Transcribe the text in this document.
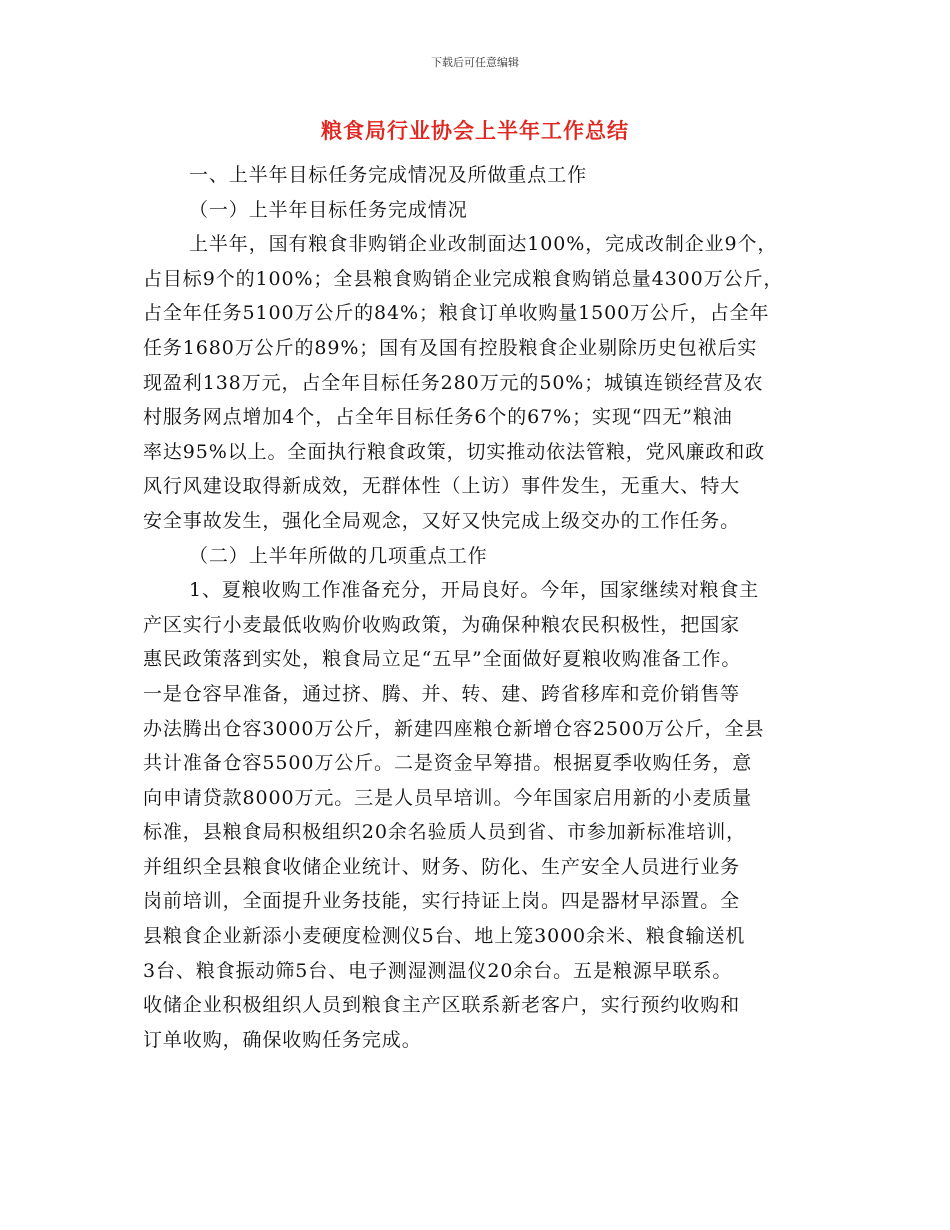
下载后可任意编辑
粮食局行业协会上半年工作总结
一、上半年目标任务完成情况及所做重点工作
（一）上半年目标任务完成情况
上半年，国有粮食非购销企业改制面达100%，完成改制企业9个，
占目标9个的100%；全县粮食购销企业完成粮食购销总量4300万公斤，
占全年任务5100万公斤的84%；粮食订单收购量1500万公斤，占全年
任务1680万公斤的89%；国有及国有控股粮食企业剔除历史包袱后实
现盈利138万元，占全年目标任务280万元的50%；城镇连锁经营及农
村服务网点增加4个，占全年目标任务6个的67%；实现“四无”粮油
率达95%以上。全面执行粮食政策，切实推动依法管粮，党风廉政和政
风行风建设取得新成效，无群体性（上访）事件发生，无重大、特大
安全事故发生，强化全局观念，又好又快完成上级交办的工作任务。
（二）上半年所做的几项重点工作
1、夏粮收购工作准备充分，开局良好。今年，国家继续对粮食主
产区实行小麦最低收购价收购政策，为确保种粮农民积极性，把国家
惠民政策落到实处，粮食局立足“五早”全面做好夏粮收购准备工作。
一是仓容早准备，通过挤、腾、并、转、建、跨省移库和竞价销售等
办法腾出仓容3000万公斤，新建四座粮仓新增仓容2500万公斤，全县
共计准备仓容5500万公斤。二是资金早筹措。根据夏季收购任务，意
向申请贷款8000万元。三是人员早培训。今年国家启用新的小麦质量
标准，县粮食局积极组织20余名验质人员到省、市参加新标准培训，
并组织全县粮食收储企业统计、财务、防化、生产安全人员进行业务
岗前培训，全面提升业务技能，实行持证上岗。四是器材早添置。全
县粮食企业新添小麦硬度检测仪5台、地上笼3000余米、粮食输送机
3台、粮食振动筛5台、电子测湿测温仪20余台。五是粮源早联系。
收储企业积极组织人员到粮食主产区联系新老客户，实行预约收购和
订单收购，确保收购任务完成。
